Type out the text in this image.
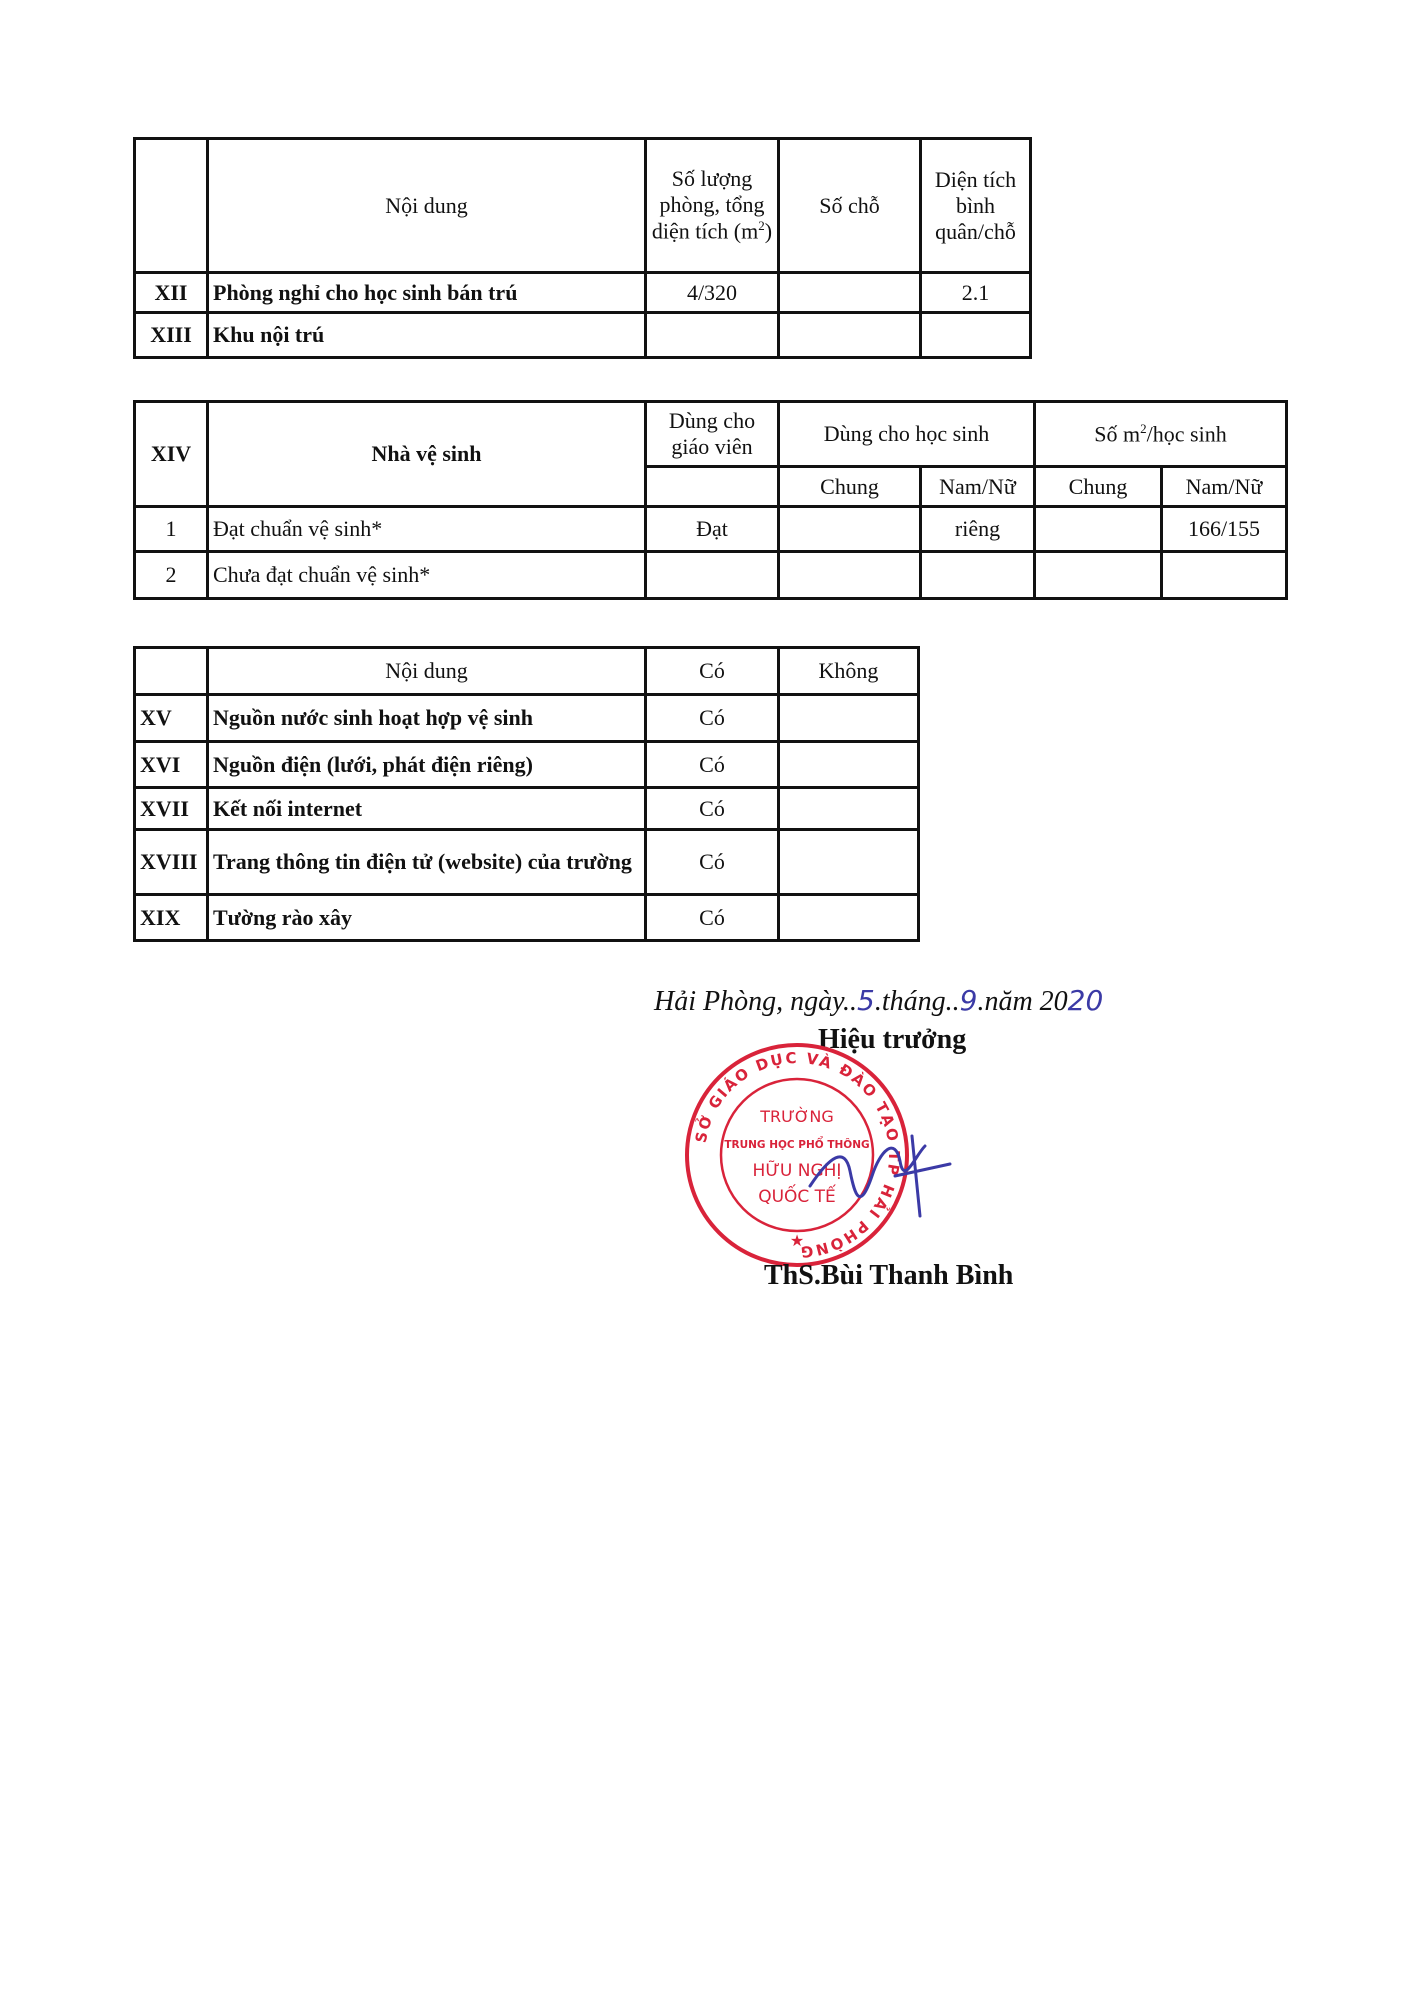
	Nội dung	Số lượng phòng, tổng diện tích $(m^2)$	Số chỗ	Diện tích bình quân/chỗ
XII	Phòng nghỉ cho học sinh bán trú	4/320		2.1
XIII	Khu nội trú			
XIV	Nhà vệ sinh	Dùng cho giáo viên	Dùng cho học sinh		Số $m^2$/học sinh	
			Chung	Nam/Nữ	Chung	Nam/Nữ
1	Đạt chuẩn vệ sinh*	Đạt		riêng		166/155
2	Chưa đạt chuẩn vệ sinh*					
	Nội dung	Có	Không
XV	Nguồn nước sinh hoạt hợp vệ sinh	Có	
XVI	Nguồn điện (lưới, phát điện riêng)	Có	
XVII	Kết nối internet	Có	
XVIII	Trang thông tin điện tử (website) của trường	Có	
XIX	Tường rào xây	Có	
Hải Phòng, ngày..5.tháng..9.năm 2020
Hiệu trưởng
SỞ GIÁO DỤC VÀ ĐÀO TẠO TP HẢI PHÒNG
TRƯỜNG
TRUNG HỌC PHỔ THÔNG
HỮU NGHỊ
QUỐC TẾ
★
ThS.Bùi Thanh Bình
